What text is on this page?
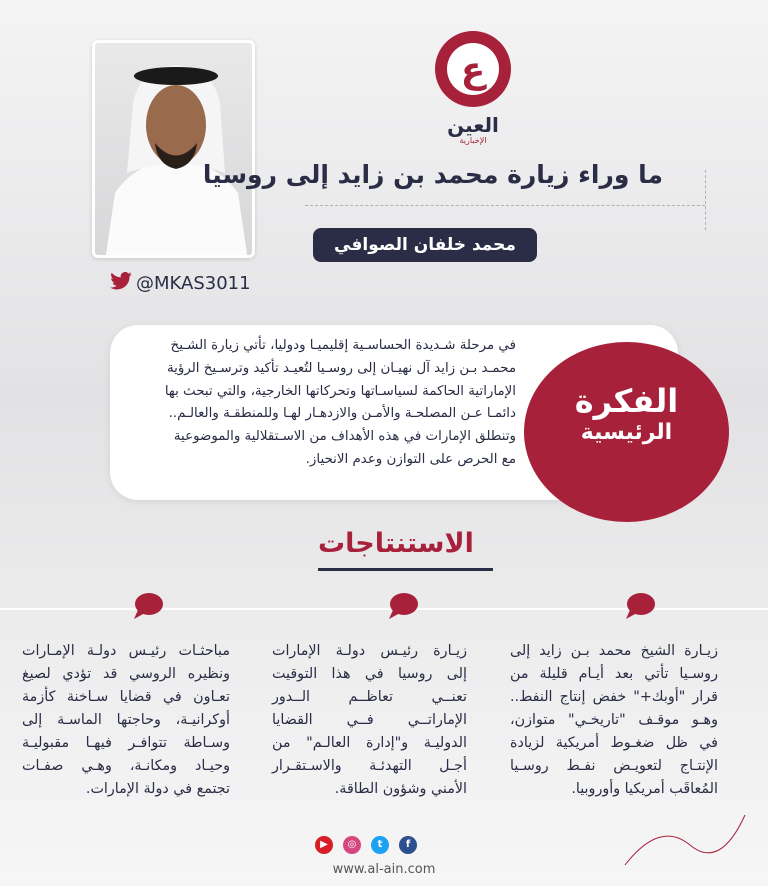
ع
العين
الإخبارية
ما وراء زيارة محمد بن زايد إلى روسيا
محمد خلفان الصوافي
@MKAS3011
في مرحلة شـديدة الحساسـية إقليميـا ودوليا، تأتي زيارة الشـيخ
محمـد بـن زايد آل نهيـان إلى روسـيا لتُعيـد تأكيد وترسـيخ الرؤية
الإماراتية الحاكمة لسياسـاتها وتحركاتها الخارجية، والتي تبحث بها
دائمـا عـن المصلحـة والأمـن والازدهـار لهـا وللمنطقـة والعالـم..
وتنطلق الإمارات في هذه الأهداف من الاسـتقلالية والموضوعية
مع الحرص على التوازن وعدم الانحياز.
الفكرة
الرئيسية
الاستنتاجات
زيـارة الشيخ محمد بـن زايد إلى
روسـيا تأتي بعد أيـام قليلة من
قرار "أوبك+" خفض إنتاج النفط..
وهـو موقـف "تاريخـي" متوازن،
في ظل ضغـوط أمريكية لزيادة
الإنتـاج لتعويـض نفـط روسـيا
المُعاقَب أمريكيا وأوروبيا.
زيـارة رئيـس دولـة الإمارات
إلى روسيا في هذا التوقيت
تعنــي تعاظــم الــدور
الإماراتــي فــي القضايا
الدوليـة و"إدارة العالـم" من
أجـل التهدئـة والاسـتقـرار
الأمني وشؤون الطاقة.
مباحثـات رئيـس دولـة الإمـارات
ونظيره الروسي قد تؤدي لصيغ
تعـاون في قضايا سـاخنة كأزمة
أوكرانيـة، وحاجتها الماسـة إلى
وسـاطة تتوافـر فيهـا مقبوليـة
وحيـاد ومكانـة، وهـي صفـات
تجتمع في دولة الإمارات.
▶	◎	t	f
www.al-ain.com
